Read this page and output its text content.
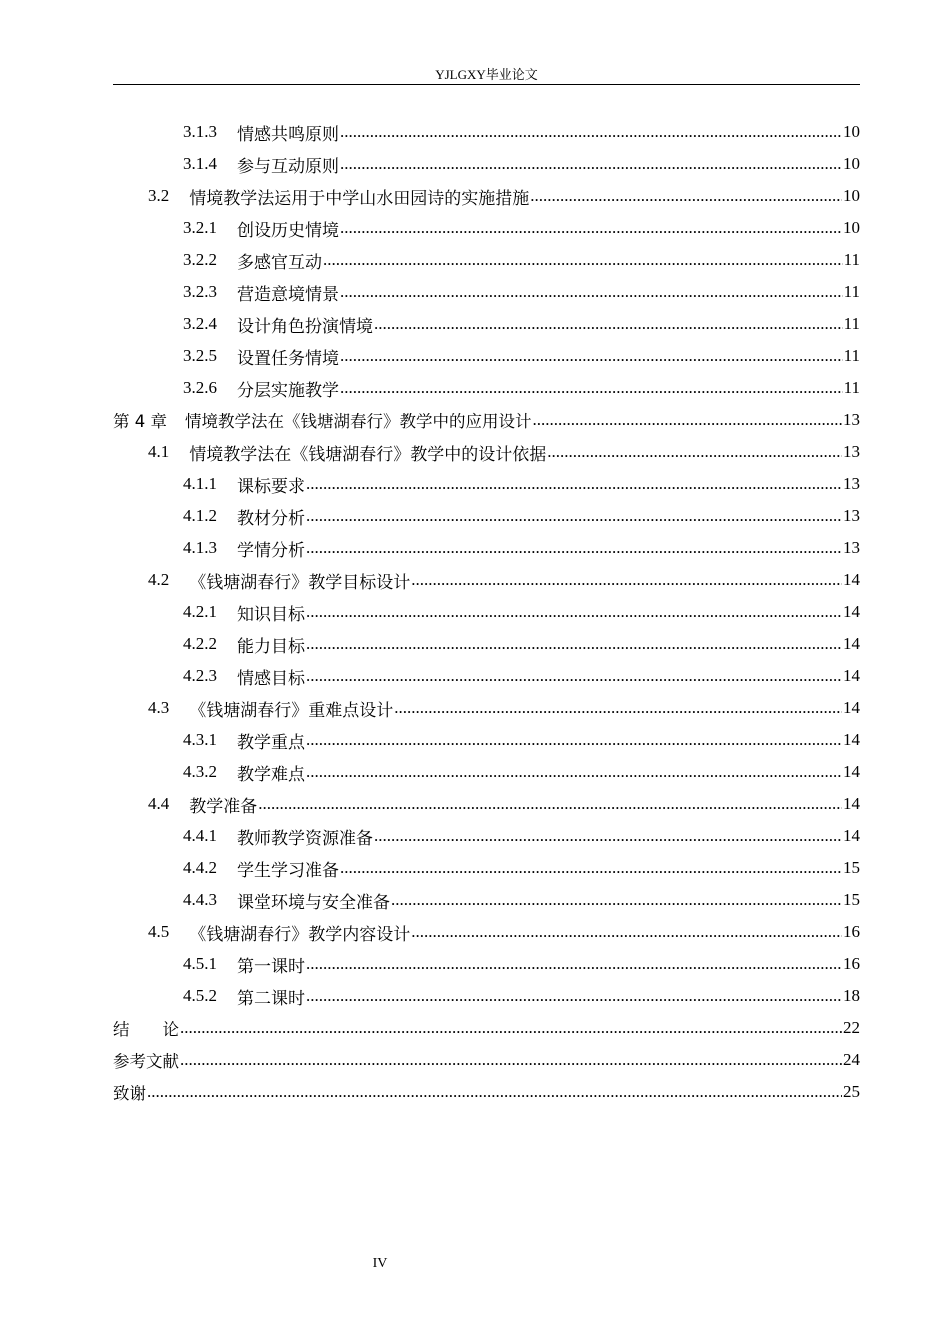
YJLGXY毕业论文
3.1.3 情感共鸣原则 .....	10
3.1.4 参与互动原则 .....	10
3.2 情境教学法运用于中学山水田园诗的实施措施 .....	10
3.2.1 创设历史情境 .....	10
3.2.2 多感官互动 .....	11
3.2.3 营造意境情景 .....	11
3.2.4 设计角色扮演情境 .....	11
3.2.5 设置任务情境 .....	11
3.2.6 分层实施教学 .....	11
第 4 章 情境教学法在《钱塘湖春行》教学中的应用设计 .....	13
4.1 情境教学法在《钱塘湖春行》教学中的设计依据 .....	13
4.1.1 课标要求 .....	13
4.1.2 教材分析 .....	13
4.1.3 学情分析 .....	13
4.2 《钱塘湖春行》教学目标设计 .....	14
4.2.1 知识目标 .....	14
4.2.2 能力目标 .....	14
4.2.3 情感目标 .....	14
4.3 《钱塘湖春行》重难点设计 .....	14
4.3.1 教学重点 .....	14
4.3.2 教学难点 .....	14
4.4 教学准备 .....	14
4.4.1 教师教学资源准备 .....	14
4.4.2 学生学习准备 .....	15
4.4.3 课堂环境与安全准备 .....	15
4.5 《钱塘湖春行》教学内容设计 .....	16
4.5.1 第一课时 .....	16
4.5.2 第二课时 .....	18
结　　论 .....	22
参考文献 .....	24
致谢 .....	25
IV
